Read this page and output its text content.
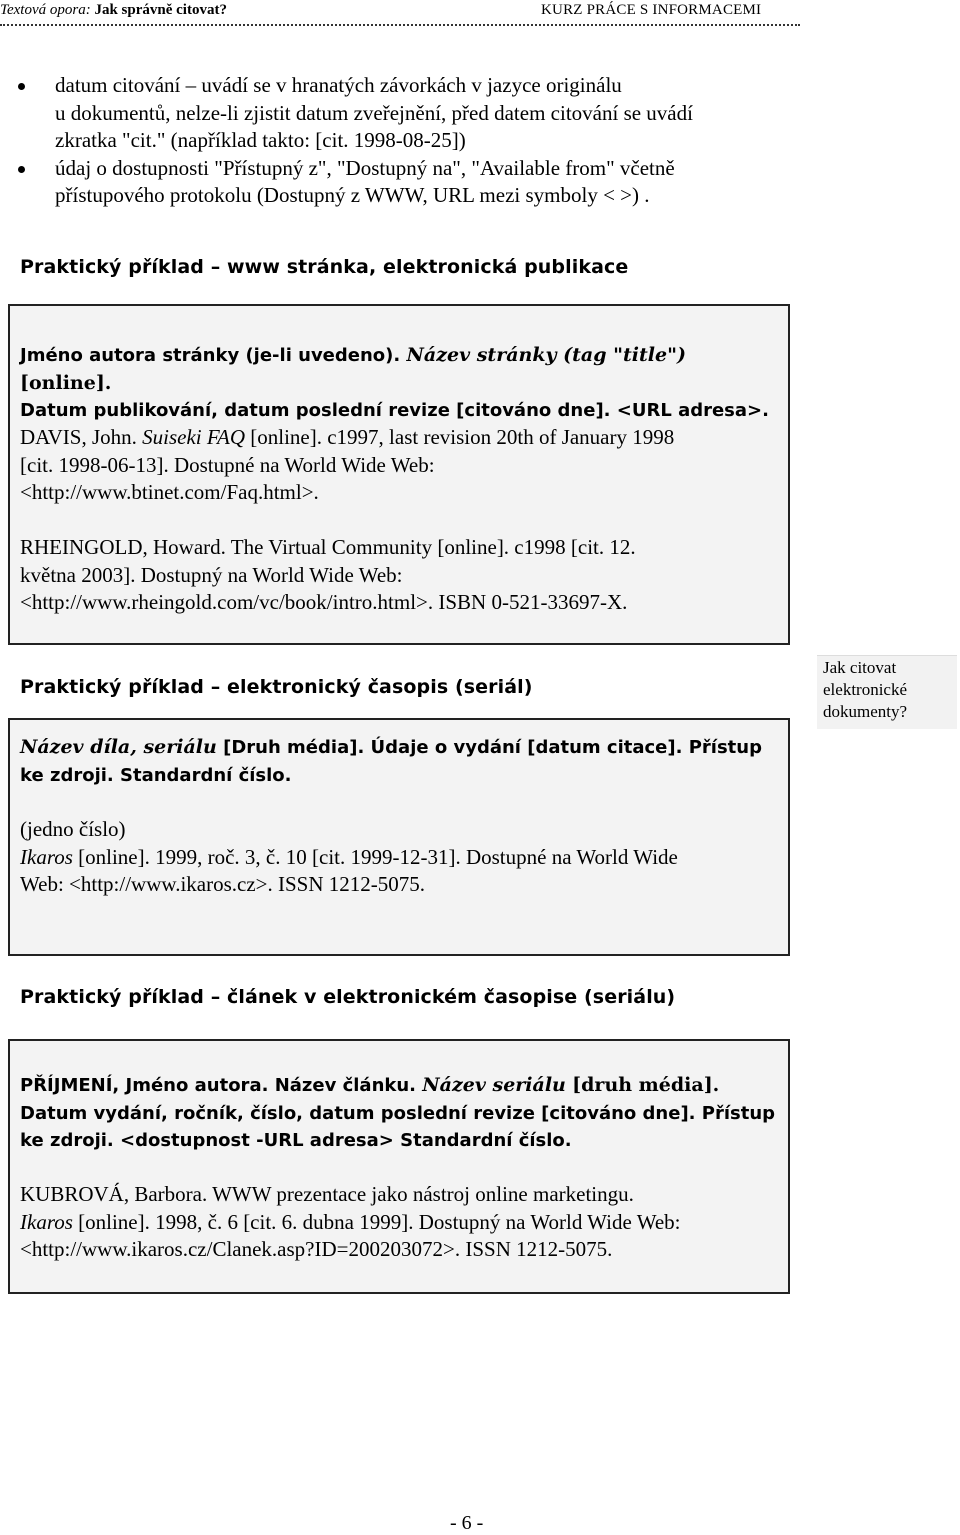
Textová opora: Jak správně citovat?	KURZ PRÁCE S INFORMACEMI
datum citování – uvádí se v hranatých závorkách v jazyce originálu
u dokumentů, nelze-li zjistit datum zveřejnění, před datem citování se uvádí
zkratka "cit." (například takto: [cit. 1998-08-25])
údaj o dostupnosti "Přístupný z", "Dostupný na", "Available from" včetně
přístupového protokolu (Dostupný z WWW, URL mezi symboly < >) .
Praktický příklad – www stránka, elektronická publikace

Jméno autora stránky (je-li uvedeno). Název stránky (tag "title") [online].
Datum publikování, datum poslední revize [citováno dne]. <URL adresa>.

DAVIS, John. Suiseki FAQ [online]. c1997, last revision 20th of January 1998
[cit. 1998-06-13]. Dostupné na World Wide Web:
<http://www.btinet.com/Faq.html>.

RHEINGOLD, Howard. The Virtual Community [online]. c1998 [cit. 12.
května 2003]. Dostupný na World Wide Web:
<http://www.rheingold.com/vc/book/intro.html>. ISBN 0-521-33697-X.

Praktický příklad – elektronický časopis (seriál)
Jak citovat
elektronické
dokumenty?

Název díla, seriálu [Druh média]. Údaje o vydání [datum citace]. Přístup
ke zdroji. Standardní číslo.

(jedno číslo)
Ikaros [online]. 1999, roč. 3, č. 10 [cit. 1999-12-31]. Dostupné na World Wide
Web: <http://www.ikaros.cz>. ISSN 1212-5075.

Praktický příklad – článek v elektronickém časopise (seriálu)

PŘÍJMENÍ, Jméno autora. Název článku. Název seriálu [druh média].
Datum vydání, ročník, číslo, datum poslední revize [citováno dne]. Přístup
ke zdroji. <dostupnost -URL adresa> Standardní číslo.

KUBROVÁ, Barbora. WWW prezentace jako nástroj online marketingu.
Ikaros [online]. 1998, č. 6 [cit. 6. dubna 1999]. Dostupný na World Wide Web:
<http://www.ikaros.cz/Clanek.asp?ID=200203072>. ISSN 1212-5075.

- 6 -
